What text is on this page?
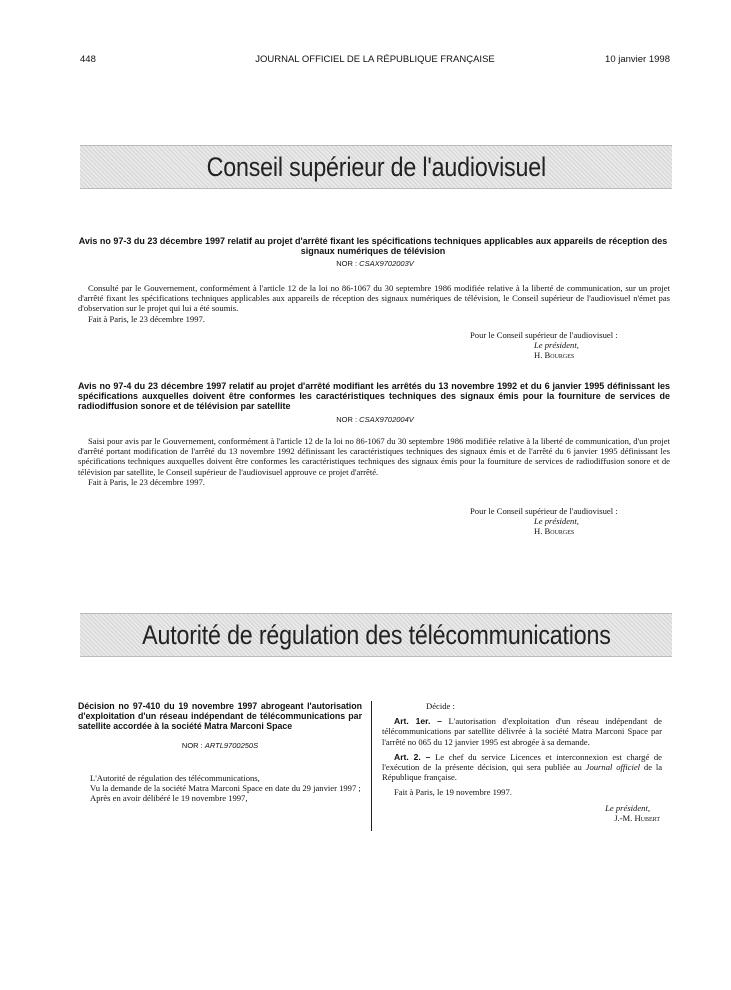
448	JOURNAL OFFICIEL DE LA RÉPUBLIQUE FRANÇAISE	10 janvier 1998
Conseil supérieur de l'audiovisuel
Avis no 97-3 du 23 décembre 1997 relatif au projet d'arrêté fixant les spécifications techniques applicables aux appareils de réception des signaux numériques de télévision
NOR : CSAX9702003V

Consulté par le Gouvernement, conformément à l'article 12 de la loi no 86-1067 du 30 septembre 1986 modifiée relative à la liberté de communication, sur un projet d'arrêté fixant les spécifications techniques applicables aux appareils de réception des signaux numériques de télévision, le Conseil supérieur de l'audiovisuel n'émet pas d'observation sur le projet qui lui a été soumis.

Fait à Paris, le 23 décembre 1997.

Pour le Conseil supérieur de l'audiovisuel :
Le président,
H. Bourges
Avis no 97-4 du 23 décembre 1997 relatif au projet d'arrêté modifiant les arrêtés du 13 novembre 1992 et du 6 janvier 1995 définissant les spécifications auxquelles doivent être conformes les caractéristiques techniques des signaux émis pour la fourniture de services de radiodiffusion sonore et de télévision par satellite
NOR : CSAX9702004V

Saisi pour avis par le Gouvernement, conformément à l'article 12 de la loi no 86-1067 du 30 septembre 1986 modifiée relative à la liberté de communication, d'un projet d'arrêté portant modification de l'arrêté du 13 novembre 1992 définissant les caractéristiques techniques des signaux émis et de l'arrêté du 6 janvier 1995 définissant les spécifications techniques auxquelles doivent être conformes les caractéristiques techniques des signaux émis pour la fourniture de services de radiodiffusion sonore et de télévision par satellite, le Conseil supérieur de l'audiovisuel approuve ce projet d'arrêté.

Fait à Paris, le 23 décembre 1997.

Pour le Conseil supérieur de l'audiovisuel :
Le président,
H. Bourges
Autorité de régulation des télécommunications
Décision no 97-410 du 19 novembre 1997 abrogeant l'autorisation d'exploitation d'un réseau indépendant de télécommunications par satellite accordée à la société Matra Marconi Space
NOR : ARTL9700250S

L'Autorité de régulation des télécommunications,

Vu la demande de la société Matra Marconi Space en date du 29 janvier 1997 ;

Après en avoir délibéré le 19 novembre 1997,

Décide :

Art. 1er. – L'autorisation d'exploitation d'un réseau indépendant de télécommunications par satellite délivrée à la société Matra Marconi Space par l'arrêté no 065 du 12 janvier 1995 est abrogée à sa demande.

Art. 2. – Le chef du service Licences et interconnexion est chargé de l'exécution de la présente décision, qui sera publiée au Journal officiel de la République française.

Fait à Paris, le 19 novembre 1997.

Le président,
J.-M. Hubert
